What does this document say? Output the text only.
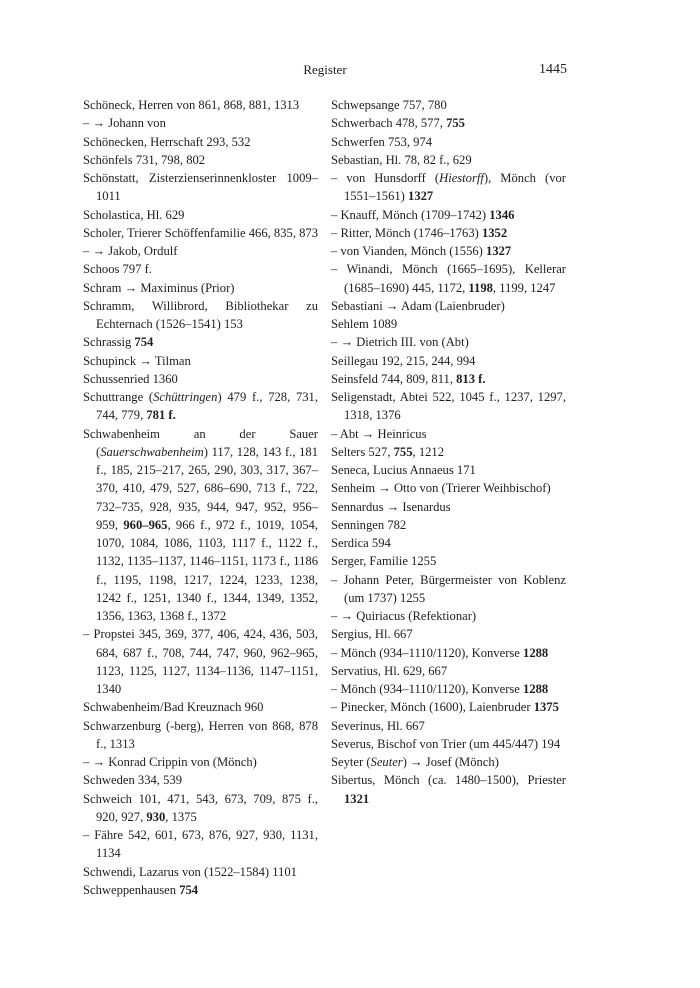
Register	1445

Schöneck, Herren von 861, 868, 881, 1313

– → Johann von

Schönecken, Herrschaft 293, 532

Schönfels 731, 798, 802

Schönstatt, Zisterzienserinnenkloster 1009–1011

Scholastica, Hl. 629

Scholer, Trierer Schöffenfamilie 466, 835, 873

– → Jakob, Ordulf

Schoos 797 f.

Schram → Maximinus (Prior)

Schramm, Willibrord, Bibliothekar zu Echternach (1526–1541) 153

Schrassig 754

Schupinck → Tilman

Schussenried 1360

Schuttrange (Schüttringen) 479 f., 728, 731, 744, 779, 781 f.

Schwabenheim an der Sauer (Sauerschwabenheim) 117, 128, 143 f., 181 f., 185, 215–217, 265, 290, 303, 317, 367–370, 410, 479, 527, 686–690, 713 f., 722, 732–735, 928, 935, 944, 947, 952, 956–959, 960–965, 966 f., 972 f., 1019, 1054, 1070, 1084, 1086, 1103, 1117 f., 1122 f., 1132, 1135–1137, 1146–1151, 1173 f., 1186 f., 1195, 1198, 1217, 1224, 1233, 1238, 1242 f., 1251, 1340 f., 1344, 1349, 1352, 1356, 1363, 1368 f., 1372

– Propstei 345, 369, 377, 406, 424, 436, 503, 684, 687 f., 708, 744, 747, 960, 962–965, 1123, 1125, 1127, 1134–1136, 1147–1151, 1340

Schwabenheim/Bad Kreuznach 960

Schwarzenburg (-berg), Herren von 868, 878 f., 1313

– → Konrad Crippin von (Mönch)

Schweden 334, 539

Schweich 101, 471, 543, 673, 709, 875 f., 920, 927, 930, 1375

– Fähre 542, 601, 673, 876, 927, 930, 1131, 1134

Schwendi, Lazarus von (1522–1584) 1101

Schweppenhausen 754

Schwepsange 757, 780

Schwerbach 478, 577, 755

Schwerfen 753, 974

Sebastian, Hl. 78, 82 f., 629

– von Hunsdorff (Hiestorff), Mönch (vor 1551–1561) 1327

– Knauff, Mönch (1709–1742) 1346

– Ritter, Mönch (1746–1763) 1352

– von Vianden, Mönch (1556) 1327

– Winandi, Mönch (1665–1695), Kellerar (1685–1690) 445, 1172, 1198, 1199, 1247

Sebastiani → Adam (Laienbruder)

Sehlem 1089

– → Dietrich III. von (Abt)

Seillegau 192, 215, 244, 994

Seinsfeld 744, 809, 811, 813 f.

Seligenstadt, Abtei 522, 1045 f., 1237, 1297, 1318, 1376

– Abt → Heinricus

Selters 527, 755, 1212

Seneca, Lucius Annaeus 171

Senheim → Otto von (Trierer Weihbischof)

Sennardus → Isenardus

Senningen 782

Serdica 594

Serger, Familie 1255

– Johann Peter, Bürgermeister von Koblenz (um 1737) 1255

– → Quiriacus (Refektionar)

Sergius, Hl. 667

– Mönch (934–1110/1120), Konverse 1288

Servatius, Hl. 629, 667

– Mönch (934–1110/1120), Konverse 1288

– Pinecker, Mönch (1600), Laienbruder 1375

Severinus, Hl. 667

Severus, Bischof von Trier (um 445/447) 194

Seyter (Seuter) → Josef (Mönch)

Sibertus, Mönch (ca. 1480–1500), Priester 1321
